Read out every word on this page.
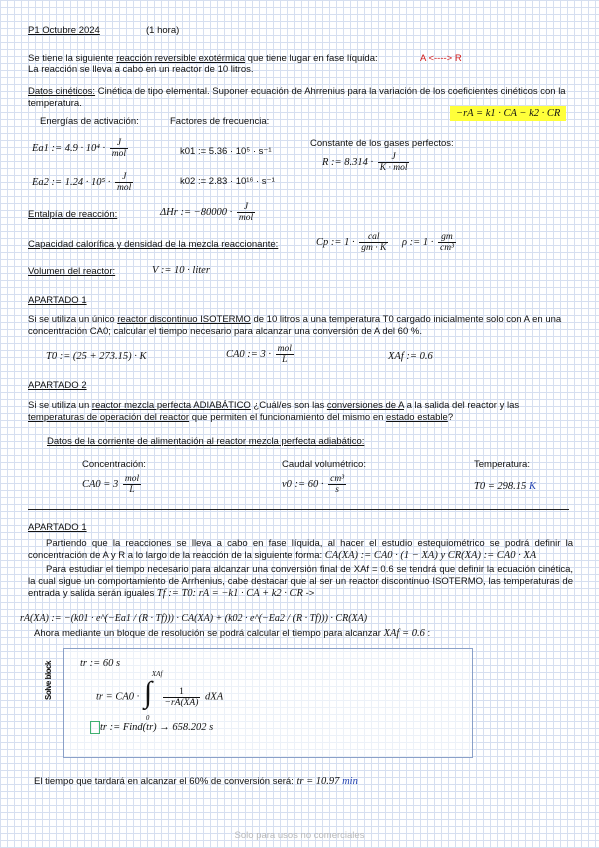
P1 Octubre 2024	(1 hora)
Se tiene la siguiente reacción reversible exotérmica que tiene lugar en fase líquida:	A <----> R
La reacción se lleva a cabo en un reactor de 10 litros.
Datos cinéticos: Cinética de tipo elemental. Suponer ecuación de Ahrrenius para la variación de los coeficientes cinéticos con la temperatura.
−rA = k1 · CA − k2 · CR
Energías de activación:	Factores de frecuencia:
Constante de los gases perfectos:
Ea1 := $4.9 \cdot 10^4 \cdot \frac{J}{\text{mol}}$	k01 := 5.36 · 10⁵ · s⁻¹
R := $8.314 \cdot \frac{J}{\text{K · mol}}$
Ea2 := $1.24 \cdot 10^5 \cdot \frac{J}{\text{mol}}$	k02 := 2.83 · 10¹⁶ · s⁻¹
Entalpía de reacción:	ΔHr := $-80000 \cdot \frac{J}{\text{mol}}$
Capacidad calorífica y densidad de la mezcla reaccionante:	Cp := $1 \cdot \frac{\text{cal}}{gm \cdot K}$ ρ := $1 \cdot \frac{gm}{\text{cm³}}$
Volumen del reactor:	V := 10 · liter
APARTADO 1
Si se utiliza un único reactor discontinuo ISOTERMO de 10 litros a una temperatura T0 cargado inicialmente solo con A en una concentración CA0; calcular el tiempo necesario para alcanzar una conversión de A del 60 %.
T0 := (25 + 273.15) · K	CA0 := $3 \cdot \frac{\text{mol}}{L}$	XAf := 0.6
APARTADO 2
Si se utiliza un reactor mezcla perfecta ADIABÁTICO ¿Cuál/es son las conversiones de A a la salida del reactor y las temperaturas de operación del reactor que permiten el funcionamiento del mismo en estado estable?
Datos de la corriente de alimentación al reactor mezcla perfecta adiabático:
Concentración:	Caudal volumétrico:	Temperatura:
$CA0 = 3 \frac{\text{mol}}{L}$	v0 := $60 \cdot \frac{\text{cm³}}{s}$	T0 = 298.15 K
APARTADO 1
Partiendo que la reacciones se lleva a cabo en fase líquida, al hacer el estudio estequiométrico se podrá definir la concentración de A y R a lo largo de la reacción de la siguiente forma: CA(XA) := CA0 · (1 − XA) y CR(XA) := CA0 · XA
Para estudiar el tiempo necesario para alcanzar una conversión final de XAf = 0.6 se tendrá que definir la ecuación cinética, la cual sigue un comportamiento de Arrhenius, cabe destacar que al ser un reactor discontinuo ISOTERMO, las temperaturas de entrada y salida serán iguales Tf := T0: rA = −k1 · CA + k2 · CR ->
rA(XA) := −(k01 · e^(−Ea1 / (R · Tf))) · CA(XA) + (k02 · e^(−Ea2 / (R · Tf))) · CR(XA)
Ahora mediante un bloque de resolución se podrá calcular el tiempo para alcanzar XAf = 0.6 :
Solve block	tr := 60 s
tr = CA0 · ∫
XAf
0

$\frac{1}{-rA(XA)}$ dXA
tr := Find(tr) → 658.202 s
El tiempo que tardará en alcanzar el 60% de conversión será: tr = 10.97 min
Solo para usos no comerciales
